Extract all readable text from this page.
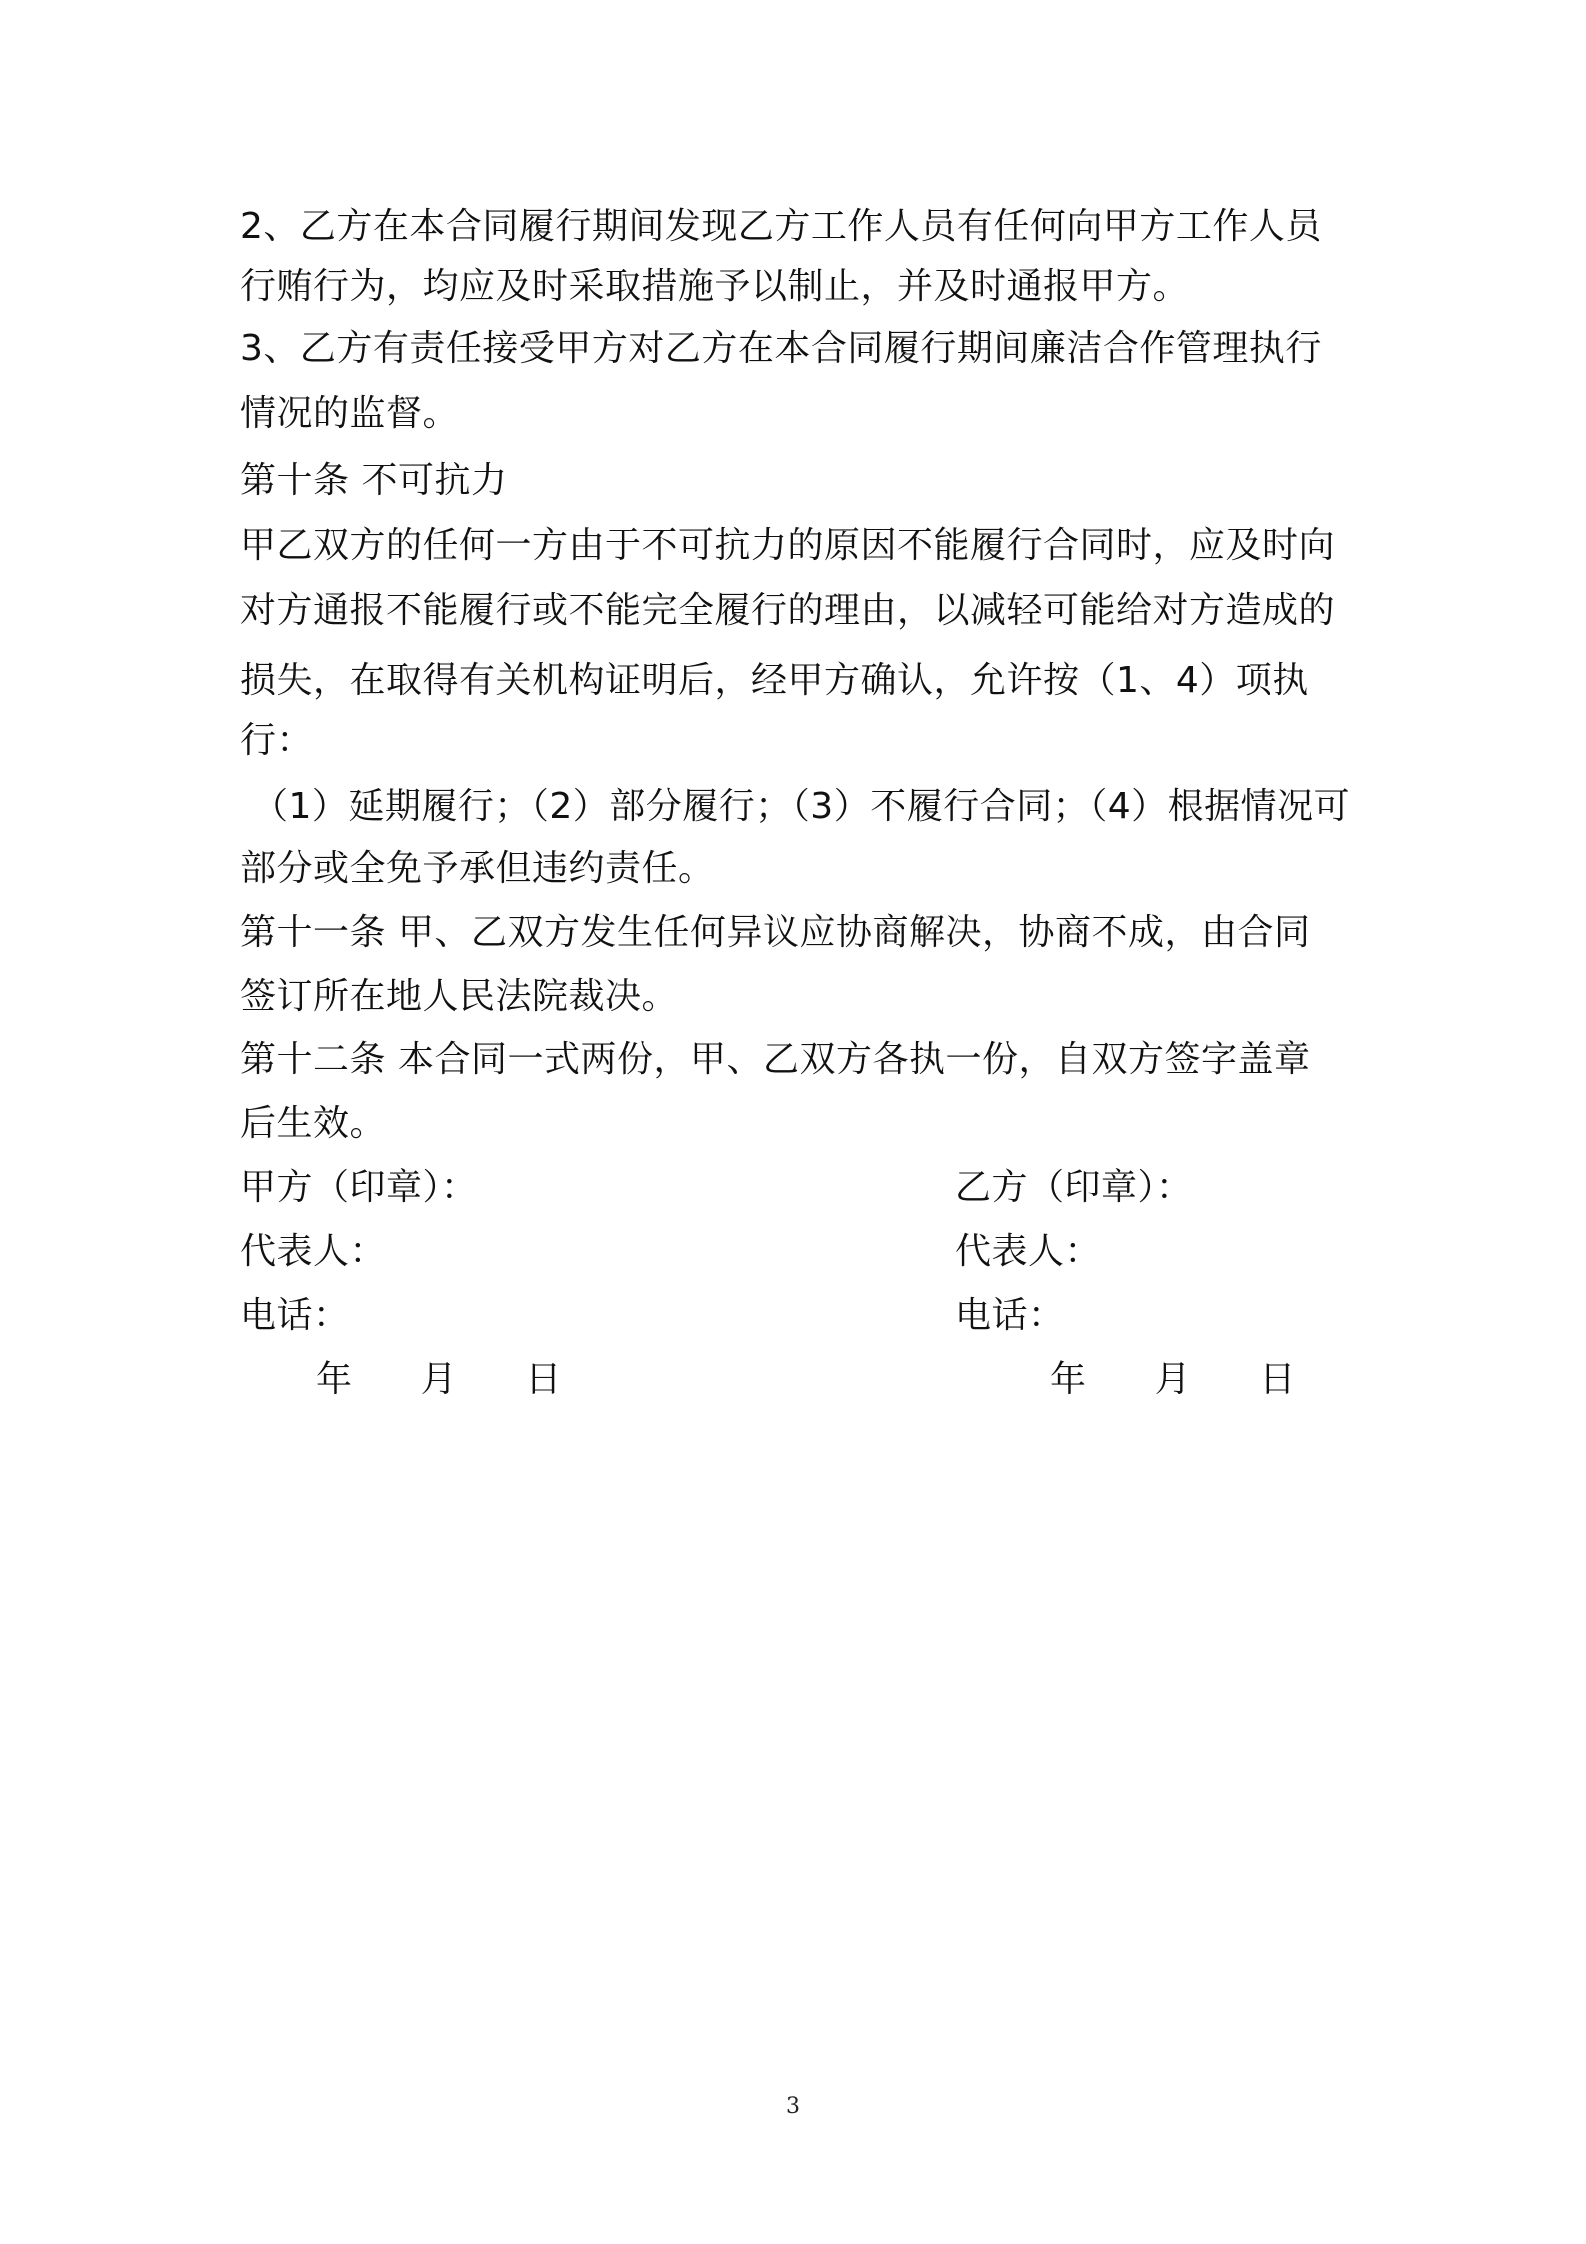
2、乙方在本合同履行期间发现乙方工作人员有任何向甲方工作人员
行贿行为，均应及时采取措施予以制止，并及时通报甲方。
3、乙方有责任接受甲方对乙方在本合同履行期间廉洁合作管理执行
情况的监督。
第十条 不可抗力
甲乙双方的任何一方由于不可抗力的原因不能履行合同时，应及时向
对方通报不能履行或不能完全履行的理由，以减轻可能给对方造成的
损失，在取得有关机构证明后，经甲方确认，允许按（1、4）项执
行：
（1）延期履行；（2）部分履行；（3）不履行合同；（4）根据情况可
部分或全免予承但违约责任。
第十一条 甲、乙双方发生任何异议应协商解决，协商不成，由合同
签订所在地人民法院裁决。
第十二条 本合同一式两份，甲、乙双方各执一份，自双方签字盖章
后生效。
甲方（印章）：
代表人：
电话：
年      月      日
乙方（印章）：
代表人：
电话：
年      月      日
3
